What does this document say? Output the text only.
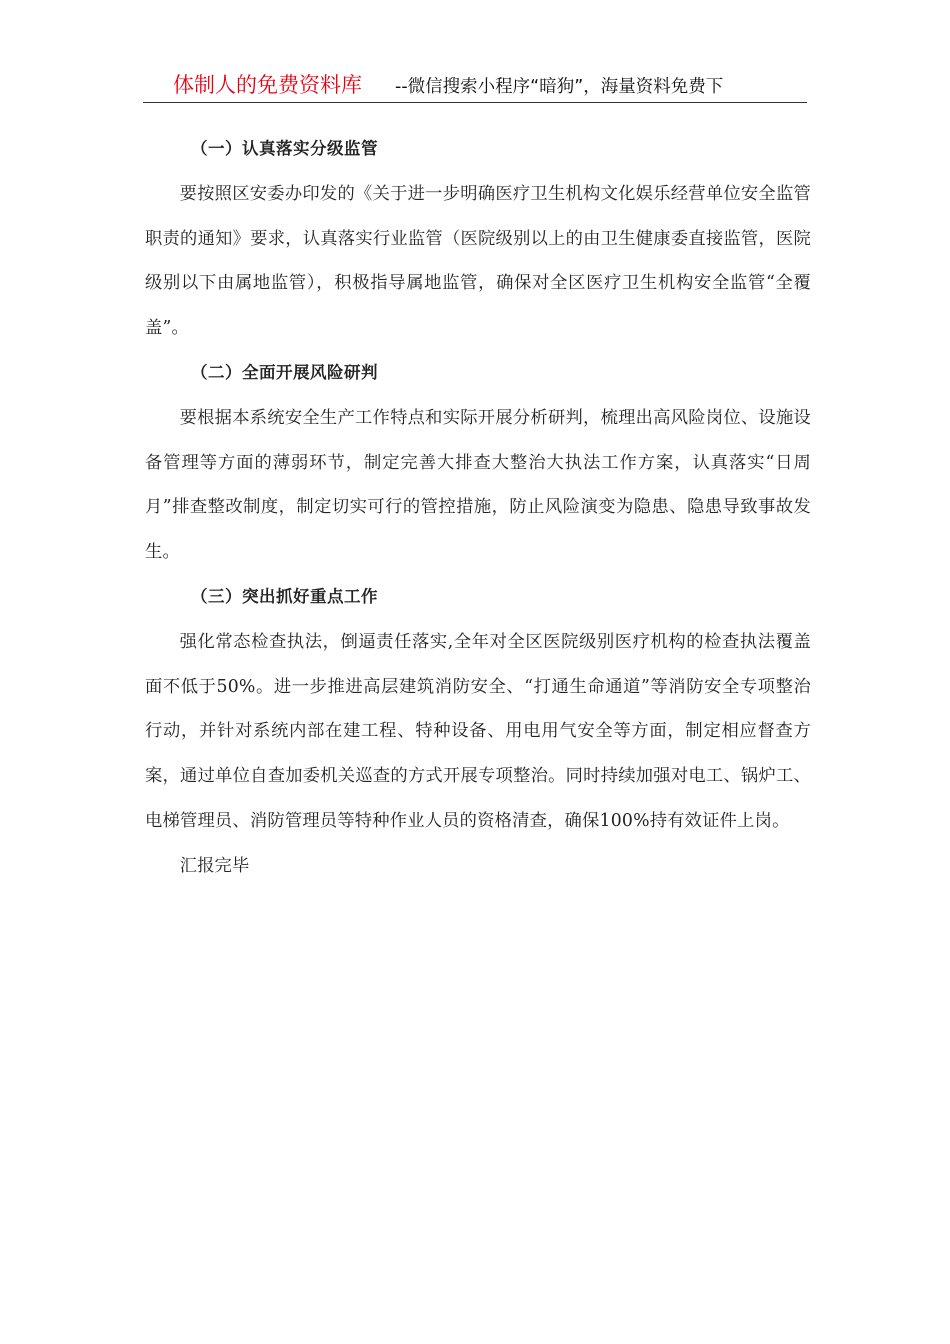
体制人的免费资料库 --微信搜索小程序“暗狗”，海量资料免费下

（一）认真落实分级监管

要按照区安委办印发的《关于进一步明确医疗卫生机构文化娱乐经营单位安全监管职责的通知》要求，认真落实行业监管（医院级别以上的由卫生健康委直接监管，医院级别以下由属地监管），积极指导属地监管，确保对全区医疗卫生机构安全监管“全覆盖”。

（二）全面开展风险研判

要根据本系统安全生产工作特点和实际开展分析研判，梳理出高风险岗位、设施设备管理等方面的薄弱环节，制定完善大排查大整治大执法工作方案，认真落实“日周月”排查整改制度，制定切实可行的管控措施，防止风险演变为隐患、隐患导致事故发生。

（三）突出抓好重点工作

强化常态检查执法，倒逼责任落实,全年对全区医院级别医疗机构的检查执法覆盖面不低于50%。进一步推进高层建筑消防安全、“打通生命通道”等消防安全专项整治行动，并针对系统内部在建工程、特种设备、用电用气安全等方面，制定相应督查方案，通过单位自查加委机关巡查的方式开展专项整治。同时持续加强对电工、锅炉工、电梯管理员、消防管理员等特种作业人员的资格清查，确保100%持有效证件上岗。

汇报完毕
